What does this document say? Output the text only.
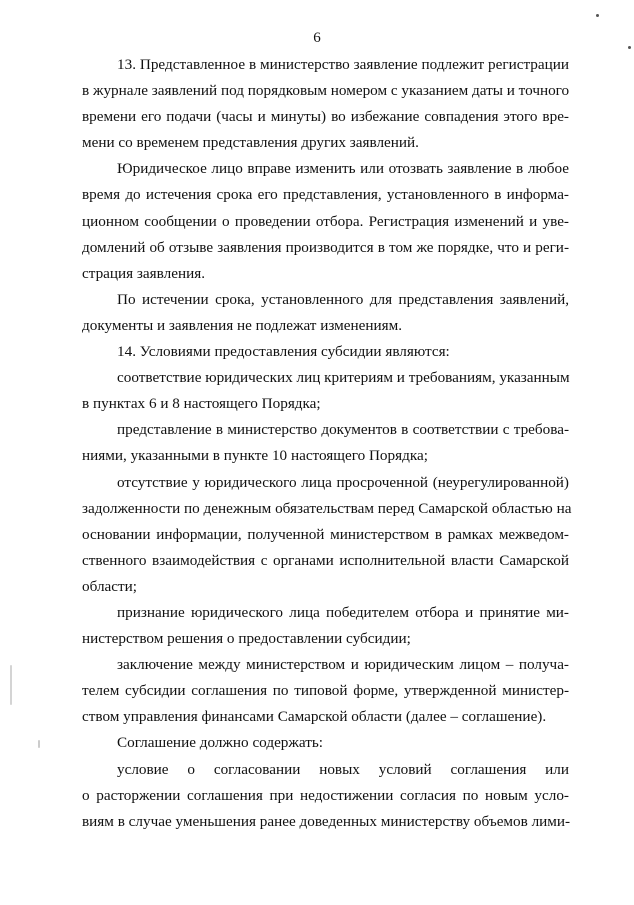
6
13. Представленное в министерство заявление подлежит регистрации
в журнале заявлений под порядковым номером с указанием даты и точного
времени его подачи (часы и минуты) во избежание совпадения этого вре-
мени со временем представления других заявлений.
Юридическое лицо вправе изменить или отозвать заявление в любое
время до истечения срока его представления, установленного в информа-
ционном сообщении о проведении отбора. Регистрация изменений и уве-
домлений об отзыве заявления производится в том же порядке, что и реги-
страция заявления.
По истечении срока, установленного для представления заявлений,
документы и заявления не подлежат изменениям.
14. Условиями предоставления субсидии являются:
соответствие юридических лиц критериям и требованиям, указанным
в пунктах 6 и 8 настоящего Порядка;
представление в министерство документов в соответствии с требова-
ниями, указанными в пункте 10 настоящего Порядка;
отсутствие у юридического лица просроченной (неурегулированной)
задолженности по денежным обязательствам перед Самарской областью на
основании информации, полученной министерством в рамках межведом-
ственного взаимодействия с органами исполнительной власти Самарской
области;
признание юридического лица победителем отбора и принятие ми-
нистерством решения о предоставлении субсидии;
заключение между министерством и юридическим лицом – получа-
телем субсидии соглашения по типовой форме, утвержденной министер-
ством управления финансами Самарской области (далее – соглашение).
Соглашение должно содержать:
условие о согласовании новых условий соглашения или
о расторжении соглашения при недостижении согласия по новым усло-
виям в случае уменьшения ранее доведенных министерству объемов лими-
